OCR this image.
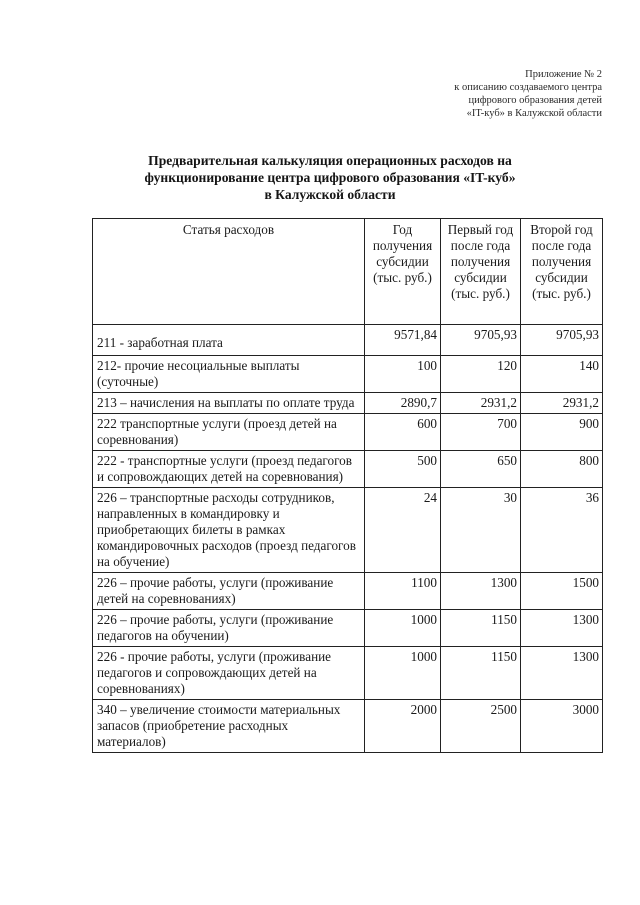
Приложение № 2
к описанию создаваемого центра
цифрового образования детей
«IT-куб» в Калужской области
Предварительная калькуляция операционных расходов на
функционирование центра цифрового образования «IT-куб»
в Калужской области
Статья расходов	Год получения субсидии (тыс. руб.)	Первый год после года получения субсидии (тыс. руб.)	Второй год после года получения субсидии (тыс. руб.)
211 - заработная плата	9571,84	9705,93	9705,93
212- прочие несоциальные выплаты (суточные)	100	120	140
213 – начисления на выплаты по оплате труда	2890,7	2931,2	2931,2
222 транспортные услуги (проезд детей на соревнования)	600	700	900
222 - транспортные услуги (проезд педагогов и сопровождающих детей на соревнования)	500	650	800
226 – транспортные расходы сотрудников, направленных в командировку и приобретающих билеты в рамках командировочных расходов (проезд педагогов на обучение)	24	30	36
226 – прочие работы, услуги (проживание детей на соревнованиях)	1100	1300	1500
226 – прочие работы, услуги (проживание педагогов на обучении)	1000	1150	1300
226 - прочие работы, услуги (проживание педагогов и сопровождающих детей на соревнованиях)	1000	1150	1300
340 – увеличение стоимости материальных запасов (приобретение расходных материалов)	2000	2500	3000
